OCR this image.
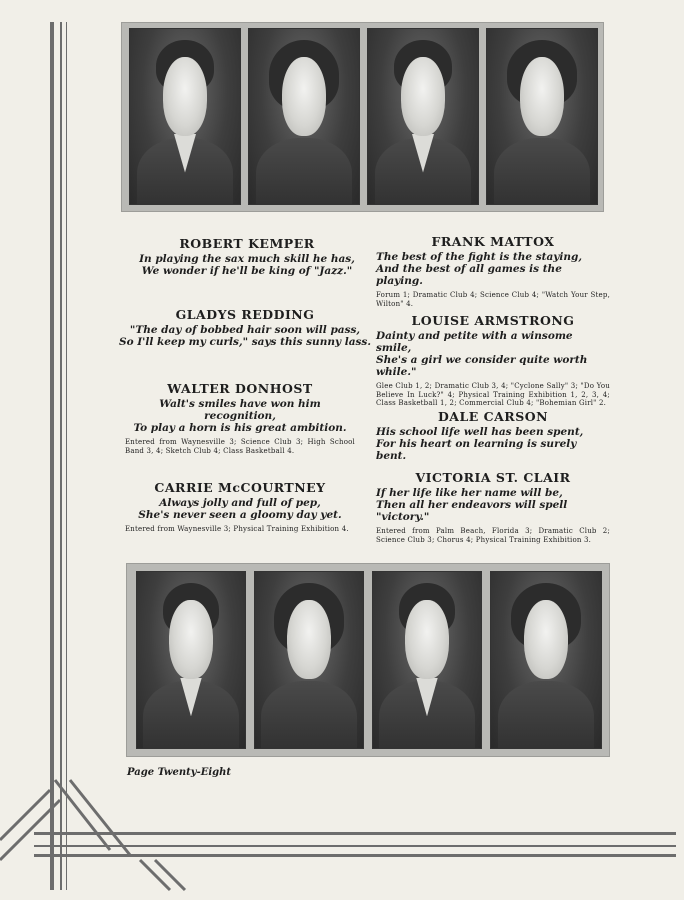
ROBERT KEMPER

In playing the sax much skill he has,

We wonder if he'll be king of "Jazz."

GLADYS REDDING

"The day of bobbed hair soon will pass,

So I'll keep my curls," says this sunny lass.

WALTER DONHOST

Walt's smiles have won him recognition,

To play a horn is his great ambition.

Entered from Waynesville 3; Science Club 3; High School Band 3, 4; Sketch Club 4; Class Basketball 4.

CARRIE McCOURTNEY

Always jolly and full of pep,

She's never seen a gloomy day yet.

Entered from Waynesville 3; Physical Training Exhibition 4.

FRANK MATTOX

The best of the fight is the staying,

And the best of all games is the playing.

Forum 1; Dramatic Club 4; Science Club 4; "Watch Your Step, Wilton" 4.

LOUISE ARMSTRONG

Dainty and petite with a winsome smile,

She's a girl we consider quite worth while."

Glee Club 1, 2; Dramatic Club 3, 4; "Cyclone Sally" 3; "Do You Believe In Luck?" 4; Physical Training Exhibition 1, 2, 3, 4; Class Basketball 1, 2; Commercial Club 4; "Bohemian Girl" 2.

DALE CARSON

His school life well has been spent,

For his heart on learning is surely bent.

VICTORIA ST. CLAIR

If her life like her name will be,

Then all her endeavors will spell "victory."

Entered from Palm Beach, Florida 3; Dramatic Club 2; Science Club 3; Chorus 4; Physical Training Exhibition 3.

Page Twenty-Eight
